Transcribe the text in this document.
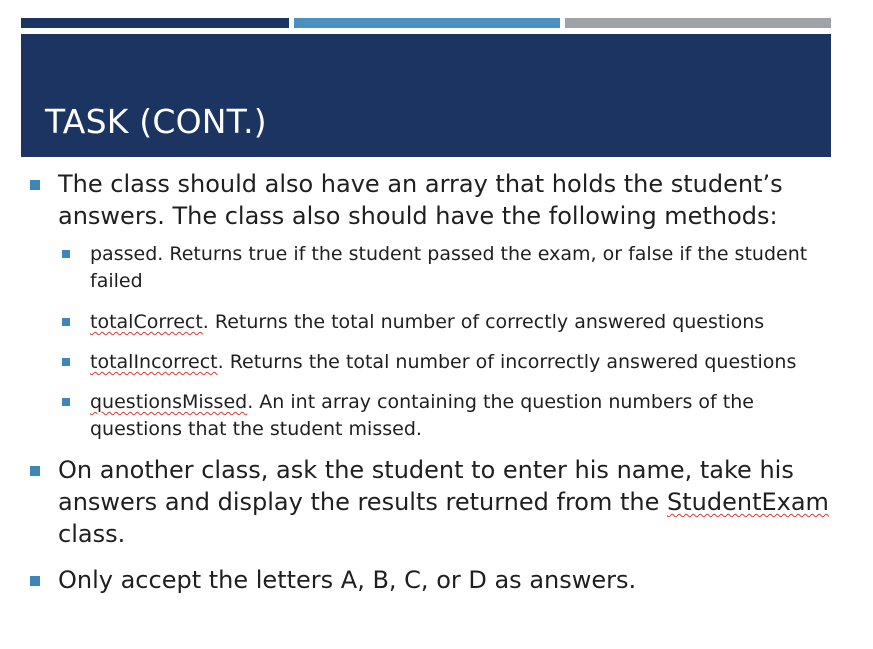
TASK (CONT.)
The class should also have an array that holds the student’s answers. The class also should have the following methods:
passed. Returns true if the student passed the exam, or false if the student failed
totalCorrect. Returns the total number of correctly answered questions
totalIncorrect. Returns the total number of incorrectly answered questions
questionsMissed. An int array containing the question numbers of the questions that the student missed.
On another class, ask the student to enter his name, take his answers and display the results returned from the StudentExam class.
Only accept the letters A, B, C, or D as answers.
